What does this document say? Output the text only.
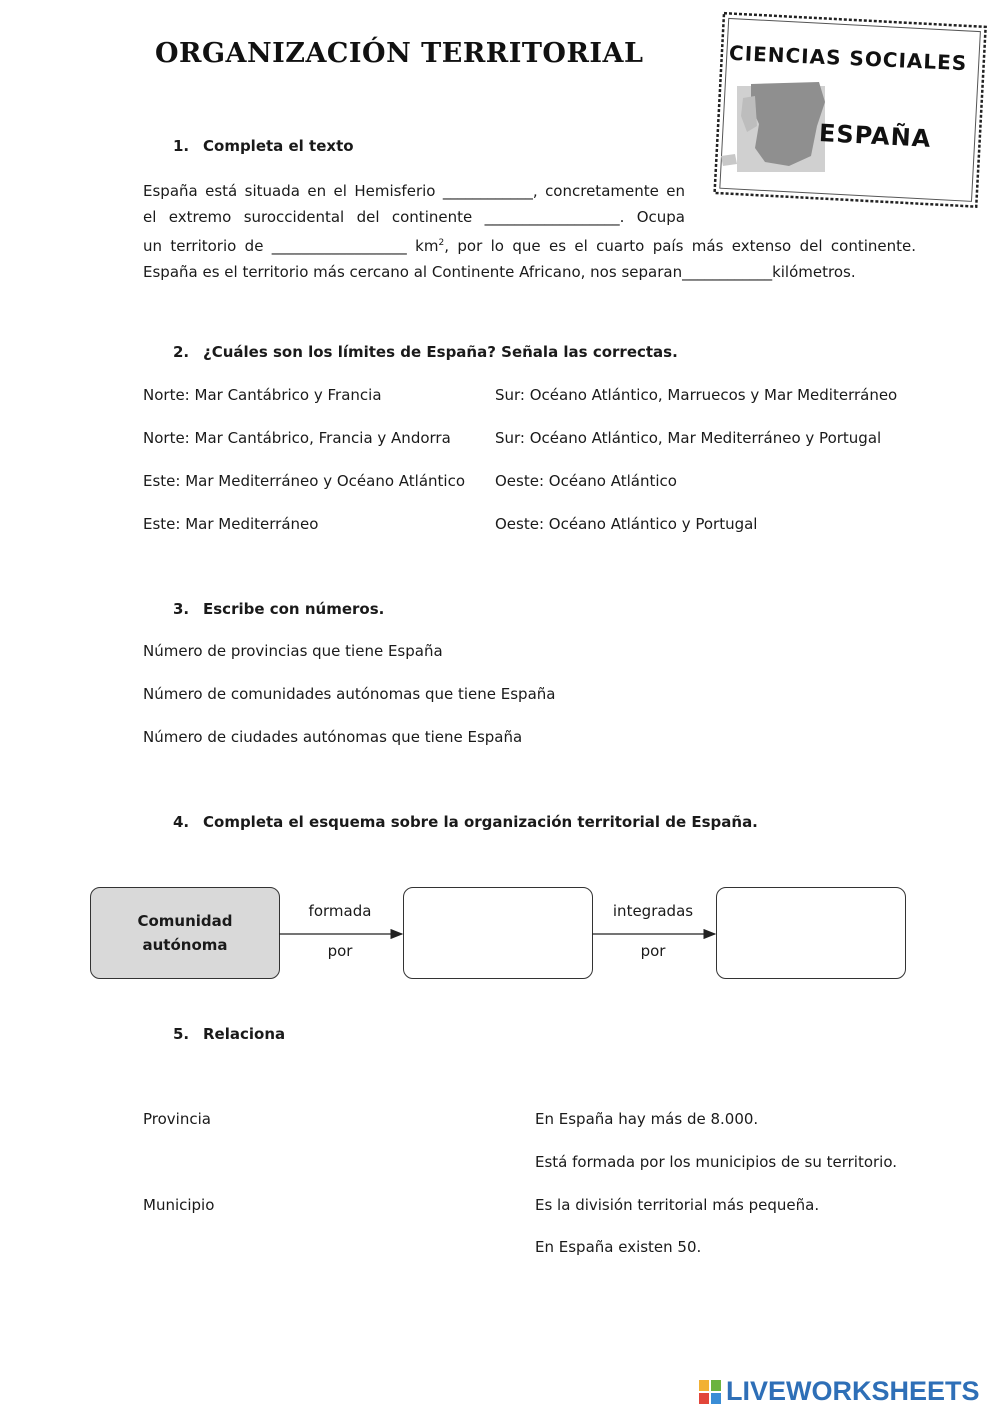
ORGANIZACIÓN TERRITORIAL	CIENCIAS SOCIALES
ESPAÑA
1. Completa el texto
España está situada en el Hemisferio ____________, concretamente en
el extremo suroccidental del continente __________________. Ocupa
un territorio de __________________ $km^2$, por lo que es el cuarto país más extenso del continente.
España es el territorio más cercano al Continente Africano, nos separan____________kilómetros.
2. ¿Cuáles son los límites de España? Señala las correctas.
Norte: Mar Cantábrico y Francia
Norte: Mar Cantábrico, Francia y Andorra
Este: Mar Mediterráneo y Océano Atlántico
Este: Mar Mediterráneo
Sur: Océano Atlántico, Marruecos y Mar Mediterráneo
Sur: Océano Atlántico, Mar Mediterráneo y Portugal
Oeste: Océano Atlántico
Oeste: Océano Atlántico y Portugal
3. Escribe con números.
Número de provincias que tiene España
Número de comunidades autónomas que tiene España
Número de ciudades autónomas que tiene España
4. Completa el esquema sobre la organización territorial de España.
Comunidad
autónoma
formada
por
integradas
por
5. Relaciona
Provincia
Municipio
En España hay más de 8.000.
Está formada por los municipios de su territorio.
Es la división territorial más pequeña.
En España existen 50.
LIVEWORKSHEETS
